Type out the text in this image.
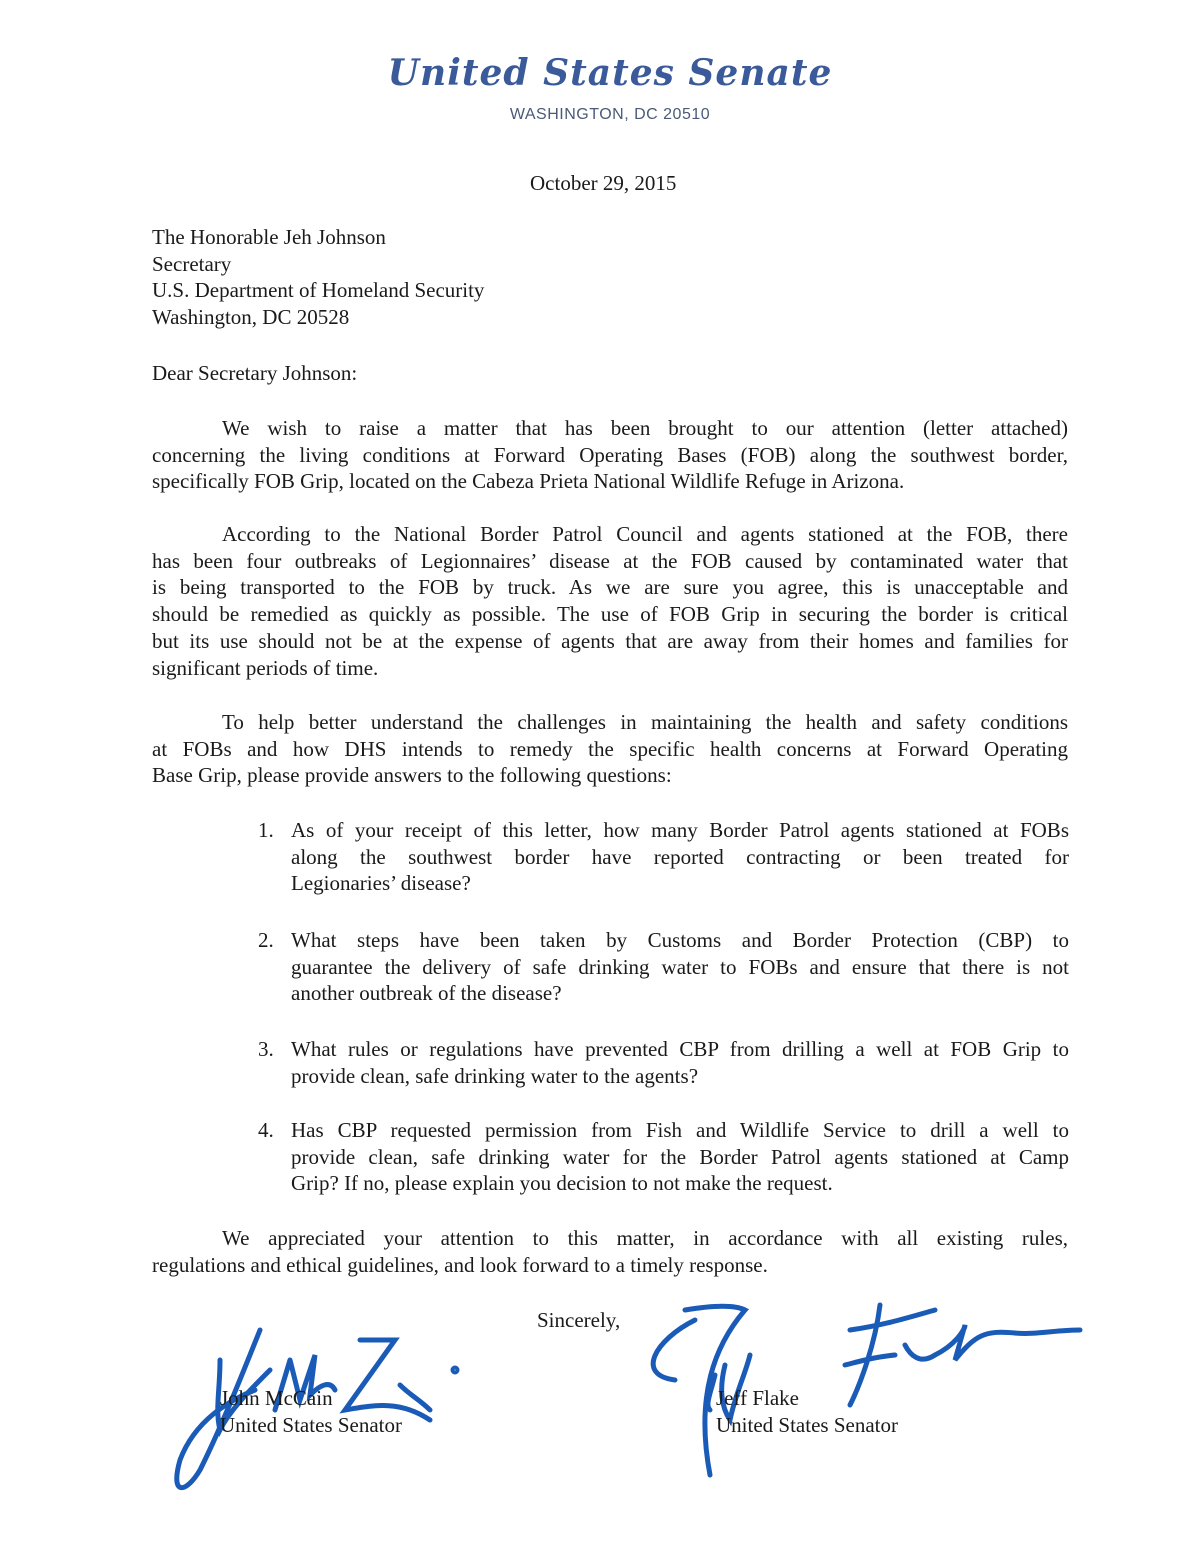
United States Senate
WASHINGTON, DC 20510
October 29, 2015
The Honorable Jeh Johnson
Secretary
U.S. Department of Homeland Security
Washington, DC 20528
Dear Secretary Johnson:
We wish to raise a matter that has been brought to our attention (letter attached)
concerning the living conditions at Forward Operating Bases (FOB) along the southwest border,
specifically FOB Grip, located on the Cabeza Prieta National Wildlife Refuge in Arizona.
According to the National Border Patrol Council and agents stationed at the FOB, there
has been four outbreaks of Legionnaires’ disease at the FOB caused by contaminated water that
is being transported to the FOB by truck. As we are sure you agree, this is unacceptable and
should be remedied as quickly as possible. The use of FOB Grip in securing the border is critical
but its use should not be at the expense of agents that are away from their homes and families for
significant periods of time.
To help better understand the challenges in maintaining the health and safety conditions
at FOBs and how DHS intends to remedy the specific health concerns at Forward Operating
Base Grip, please provide answers to the following questions:
1. As of your receipt of this letter, how many Border Patrol agents stationed at FOBs
along the southwest border have reported contracting or been treated for
Legionaries’ disease?
2. What steps have been taken by Customs and Border Protection (CBP) to
guarantee the delivery of safe drinking water to FOBs and ensure that there is not
another outbreak of the disease?
3. What rules or regulations have prevented CBP from drilling a well at FOB Grip to
provide clean, safe drinking water to the agents?
4. Has CBP requested permission from Fish and Wildlife Service to drill a well to
provide clean, safe drinking water for the Border Patrol agents stationed at Camp
Grip? If no, please explain you decision to not make the request.
We appreciated your attention to this matter, in accordance with all existing rules,
regulations and ethical guidelines, and look forward to a timely response.
Sincerely,
John McCain
United States Senator
Jeff Flake
United States Senator
